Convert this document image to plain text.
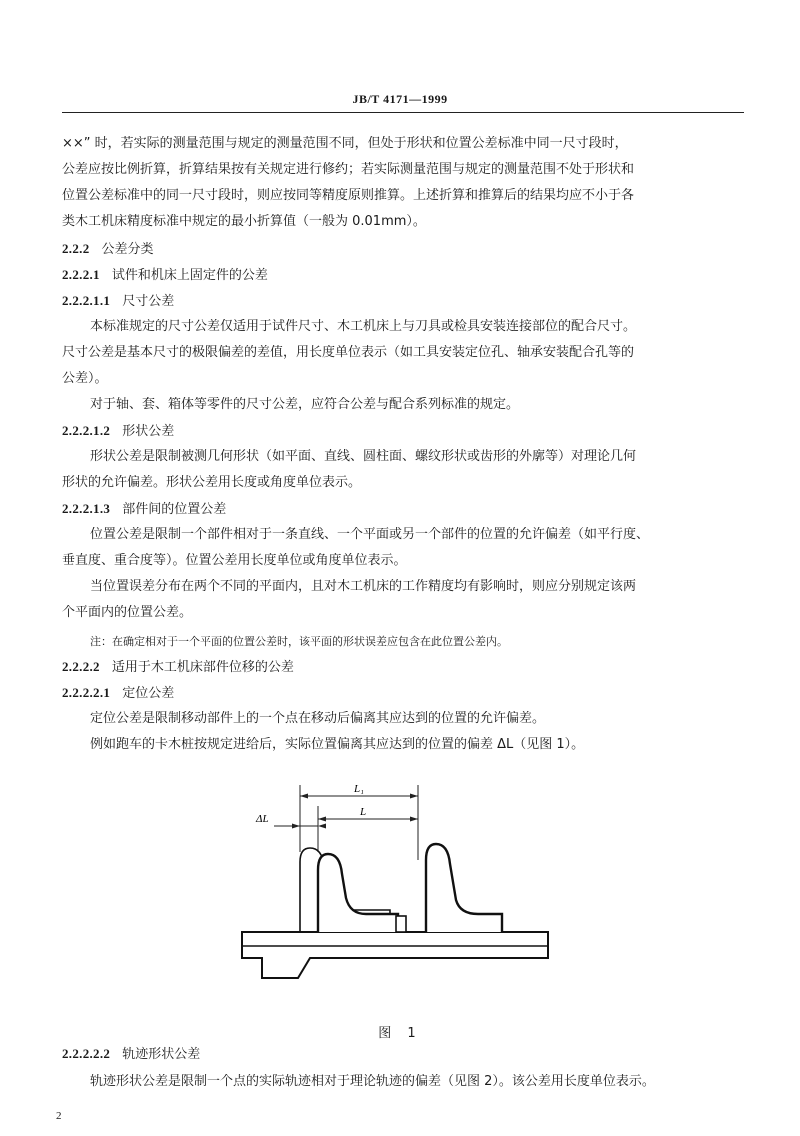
JB/T 4171—1999
××” 时，若实际的测量范围与规定的测量范围不同，但处于形状和位置公差标准中同一尺寸段时，
公差应按比例折算，折算结果按有关规定进行修约；若实际测量范围与规定的测量范围不处于形状和
位置公差标准中的同一尺寸段时，则应按同等精度原则推算。上述折算和推算后的结果均应不小于各
类木工机床精度标准中规定的最小折算值（一般为 0.01mm）。
2.2.2 公差分类
2.2.2.1 试件和机床上固定件的公差
2.2.2.1.1 尺寸公差
本标准规定的尺寸公差仅适用于试件尺寸、木工机床上与刀具或检具安装连接部位的配合尺寸。
尺寸公差是基本尺寸的极限偏差的差值，用长度单位表示（如工具安装定位孔、轴承安装配合孔等的
公差）。
对于轴、套、箱体等零件的尺寸公差，应符合公差与配合系列标准的规定。
2.2.2.1.2 形状公差
形状公差是限制被测几何形状（如平面、直线、圆柱面、螺纹形状或齿形的外廓等）对理论几何
形状的允许偏差。形状公差用长度或角度单位表示。
2.2.2.1.3 部件间的位置公差
位置公差是限制一个部件相对于一条直线、一个平面或另一个部件的位置的允许偏差（如平行度、
垂直度、重合度等）。位置公差用长度单位或角度单位表示。
当位置误差分布在两个不同的平面内，且对木工机床的工作精度均有影响时，则应分别规定该两
个平面内的位置公差。
注：在确定相对于一个平面的位置公差时，该平面的形状误差应包含在此位置公差内。
2.2.2.2 适用于木工机床部件位移的公差
2.2.2.2.1 定位公差
定位公差是限制移动部件上的一个点在移动后偏离其应达到的位置的允许偏差。
例如跑车的卡木桩按规定进给后，实际位置偏离其应达到的位置的偏差 ΔL（见图 1）。
ΔL
L₁
L
图 1
2.2.2.2.2 轨迹形状公差
轨迹形状公差是限制一个点的实际轨迹相对于理论轨迹的偏差（见图 2）。该公差用长度单位表示。
2
